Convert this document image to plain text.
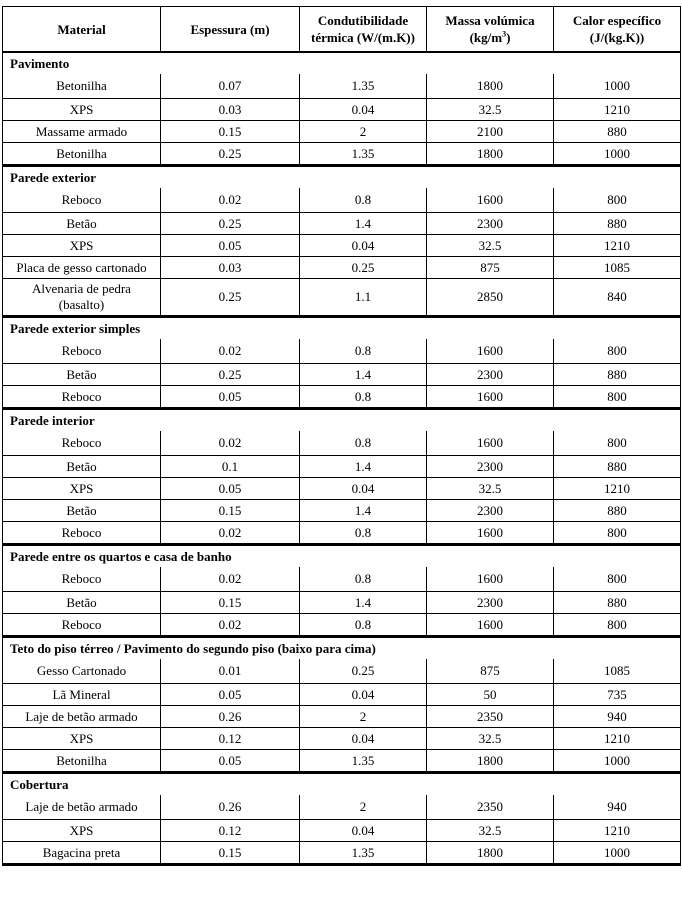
Material	Espessura (m)	Condutibilidade térmica (W/(m.K))	Massa volúmica $(kg/m^3)$	Calor específico (J/(kg.K))
Pavimento				
Betonilha	0.07	1.35	1800	1000
XPS	0.03	0.04	32.5	1210
Massame armado	0.15	2	2100	880
Betonilha	0.25	1.35	1800	1000
Parede exterior				
Reboco	0.02	0.8	1600	800
Betão	0.25	1.4	2300	880
XPS	0.05	0.04	32.5	1210
Placa de gesso cartonado	0.03	0.25	875	1085
Alvenaria de pedra (basalto)	0.25	1.1	2850	840
Parede exterior simples				
Reboco	0.02	0.8	1600	800
Betão	0.25	1.4	2300	880
Reboco	0.05	0.8	1600	800
Parede interior				
Reboco	0.02	0.8	1600	800
Betão	0.1	1.4	2300	880
XPS	0.05	0.04	32.5	1210
Betão	0.15	1.4	2300	880
Reboco	0.02	0.8	1600	800
Parede entre os quartos e casa de banho				
Reboco	0.02	0.8	1600	800
Betão	0.15	1.4	2300	880
Reboco	0.02	0.8	1600	800
Teto do piso térreo / Pavimento do segundo piso (baixo para cima)				
Gesso Cartonado	0.01	0.25	875	1085
Lã Mineral	0.05	0.04	50	735
Laje de betão armado	0.26	2	2350	940
XPS	0.12	0.04	32.5	1210
Betonilha	0.05	1.35	1800	1000
Cobertura				
Laje de betão armado	0.26	2	2350	940
XPS	0.12	0.04	32.5	1210
Bagacina preta	0.15	1.35	1800	1000
